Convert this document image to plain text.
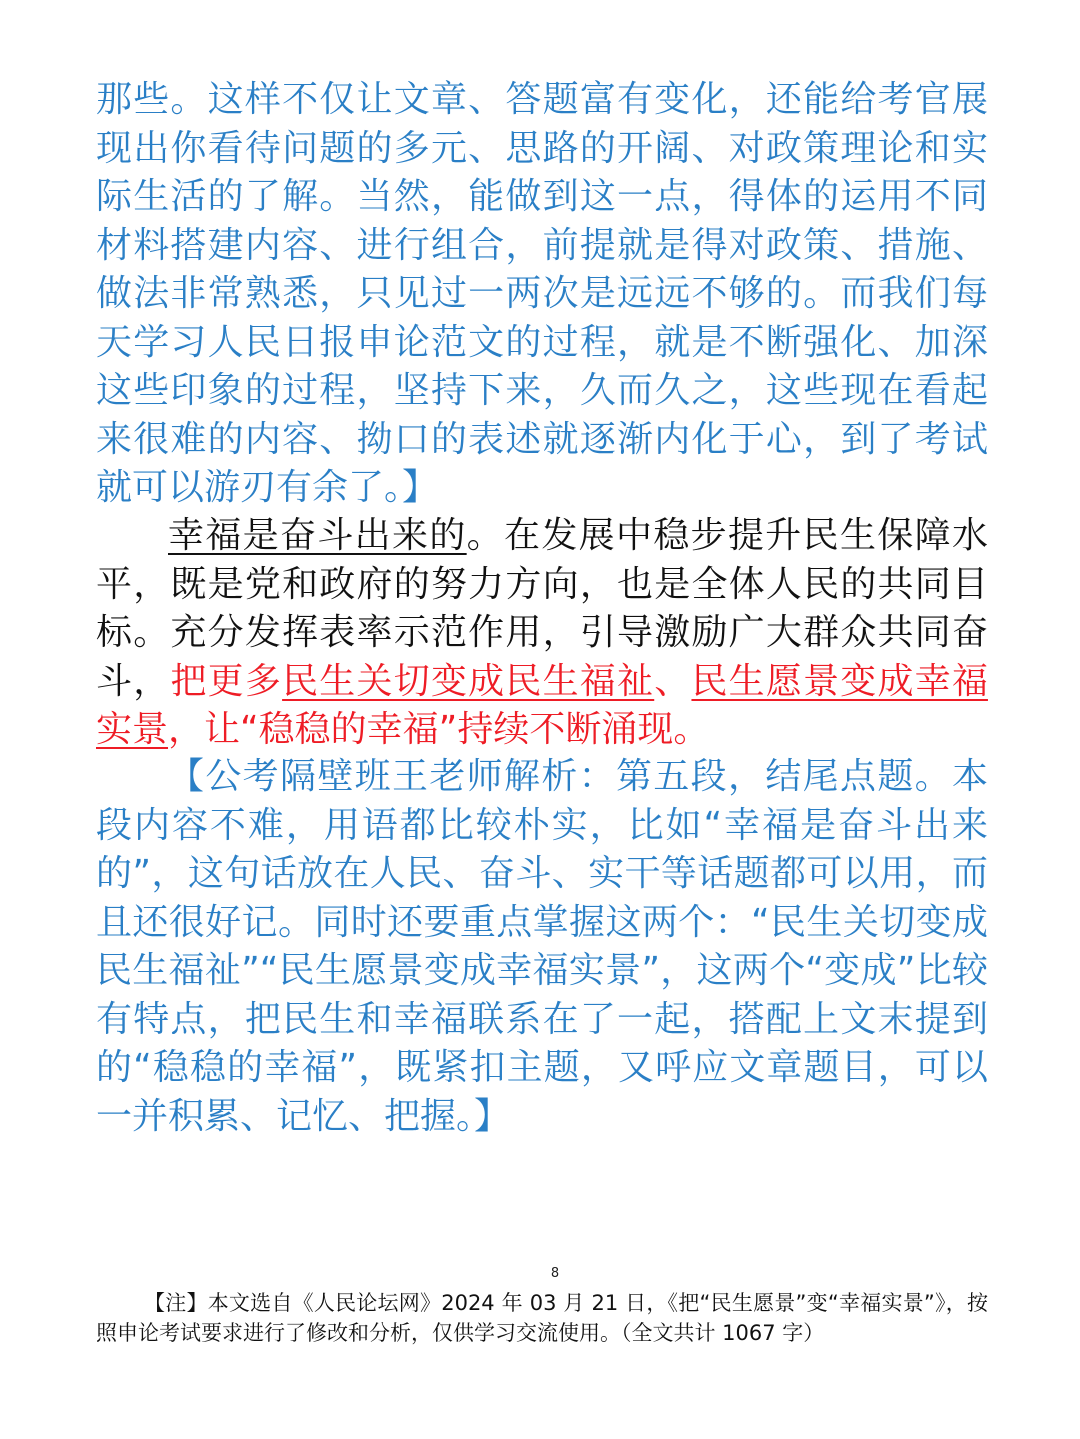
那些。这样不仅让文章、答题富有变化，还能给考官展现出你看待问题的多元、思路的开阔、对政策理论和实际生活的了解。当然，能做到这一点，得体的运用不同材料搭建内容、进行组合，前提就是得对政策、措施、做法非常熟悉，只见过一两次是远远不够的。而我们每天学习人民日报申论范文的过程，就是不断强化、加深这些印象的过程，坚持下来，久而久之，这些现在看起来很难的内容、拗口的表述就逐渐内化于心，到了考试就可以游刃有余了。】

幸福是奋斗出来的。在发展中稳步提升民生保障水平，既是党和政府的努力方向，也是全体人民的共同目标。充分发挥表率示范作用，引导激励广大群众共同奋斗，把更多民生关切变成民生福祉、民生愿景变成幸福实景，让“稳稳的幸福”持续不断涌现。

【公考隔壁班王老师解析：第五段，结尾点题。本段内容不难，用语都比较朴实，比如“幸福是奋斗出来的”，这句话放在人民、奋斗、实干等话题都可以用，而且还很好记。同时还要重点掌握这两个：“民生关切变成民生福祉”“民生愿景变成幸福实景”，这两个“变成”比较有特点，把民生和幸福联系在了一起，搭配上文末提到的“稳稳的幸福”，既紧扣主题，又呼应文章题目，可以一并积累、记忆、把握。】

8

【注】本文选自《人民论坛网》2024 年 03 月 21 日，《把“民生愿景”变“幸福实景”》，按照申论考试要求进行了修改和分析，仅供学习交流使用。（全文共计 1067 字）
